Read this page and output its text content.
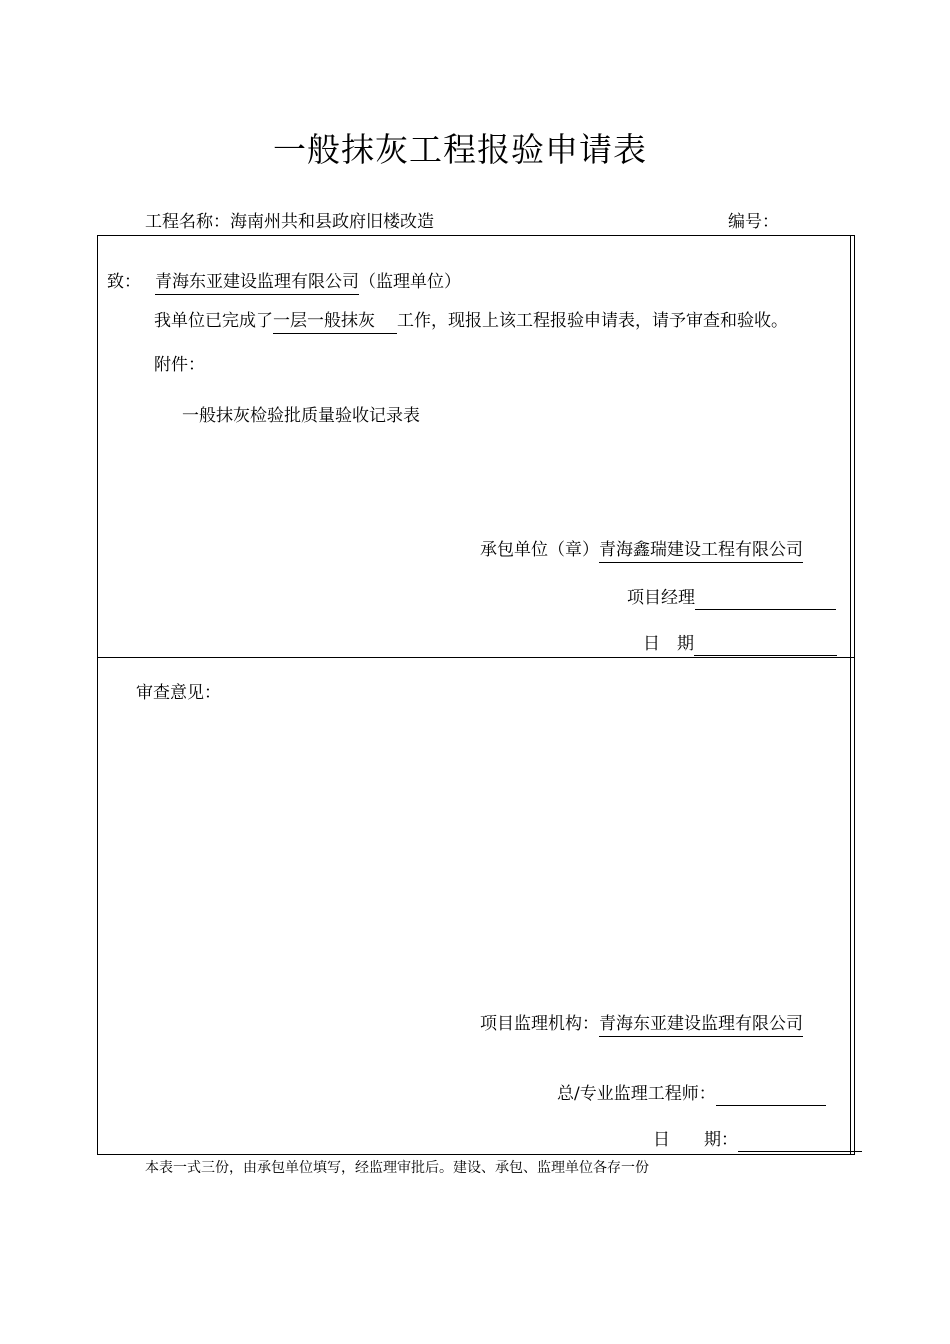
一般抹灰工程报验申请表
工程名称：海南州共和县政府旧楼改造	编号：
致： 青海东亚建设监理有限公司（监理单位）
我单位已完成了一层一般抹灰 工作，现报上该工程报验申请表，请予审查和验收。
附件：
一般抹灰检验批质量验收记录表
承包单位（章）青海鑫瑞建设工程有限公司
项目经理
日　期
审查意见：
项目监理机构：青海东亚建设监理有限公司
总/专业监理工程师：
日　　期：
本表一式三份，由承包单位填写，经监理审批后。建设、承包、监理单位各存一份
